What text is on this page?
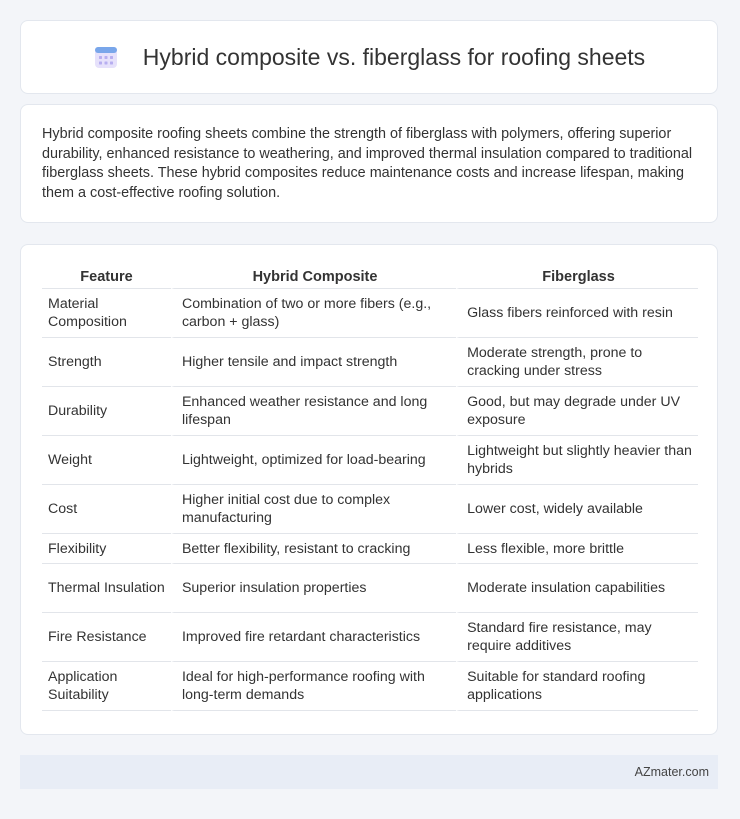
Hybrid composite vs. fiberglass for roofing sheets

Hybrid composite roofing sheets combine the strength of fiberglass with polymers, offering superior durability, enhanced resistance to weathering, and improved thermal insulation compared to traditional fiberglass sheets. These hybrid composites reduce maintenance costs and increase lifespan, making them a cost-effective roofing solution.

Feature	Hybrid Composite	Fiberglass
Material Composition	Combination of two or more fibers (e.g., carbon + glass)	Glass fibers reinforced with resin
Strength	Higher tensile and impact strength	Moderate strength, prone to cracking under stress
Durability	Enhanced weather resistance and long lifespan	Good, but may degrade under UV exposure
Weight	Lightweight, optimized for load-bearing	Lightweight but slightly heavier than hybrids
Cost	Higher initial cost due to complex manufacturing	Lower cost, widely available
Flexibility	Better flexibility, resistant to cracking	Less flexible, more brittle
Thermal Insulation	Superior insulation properties	Moderate insulation capabilities
Fire Resistance	Improved fire retardant characteristics	Standard fire resistance, may require additives
Application Suitability	Ideal for high-performance roofing with long-term demands	Suitable for standard roofing applications
AZmater.com
